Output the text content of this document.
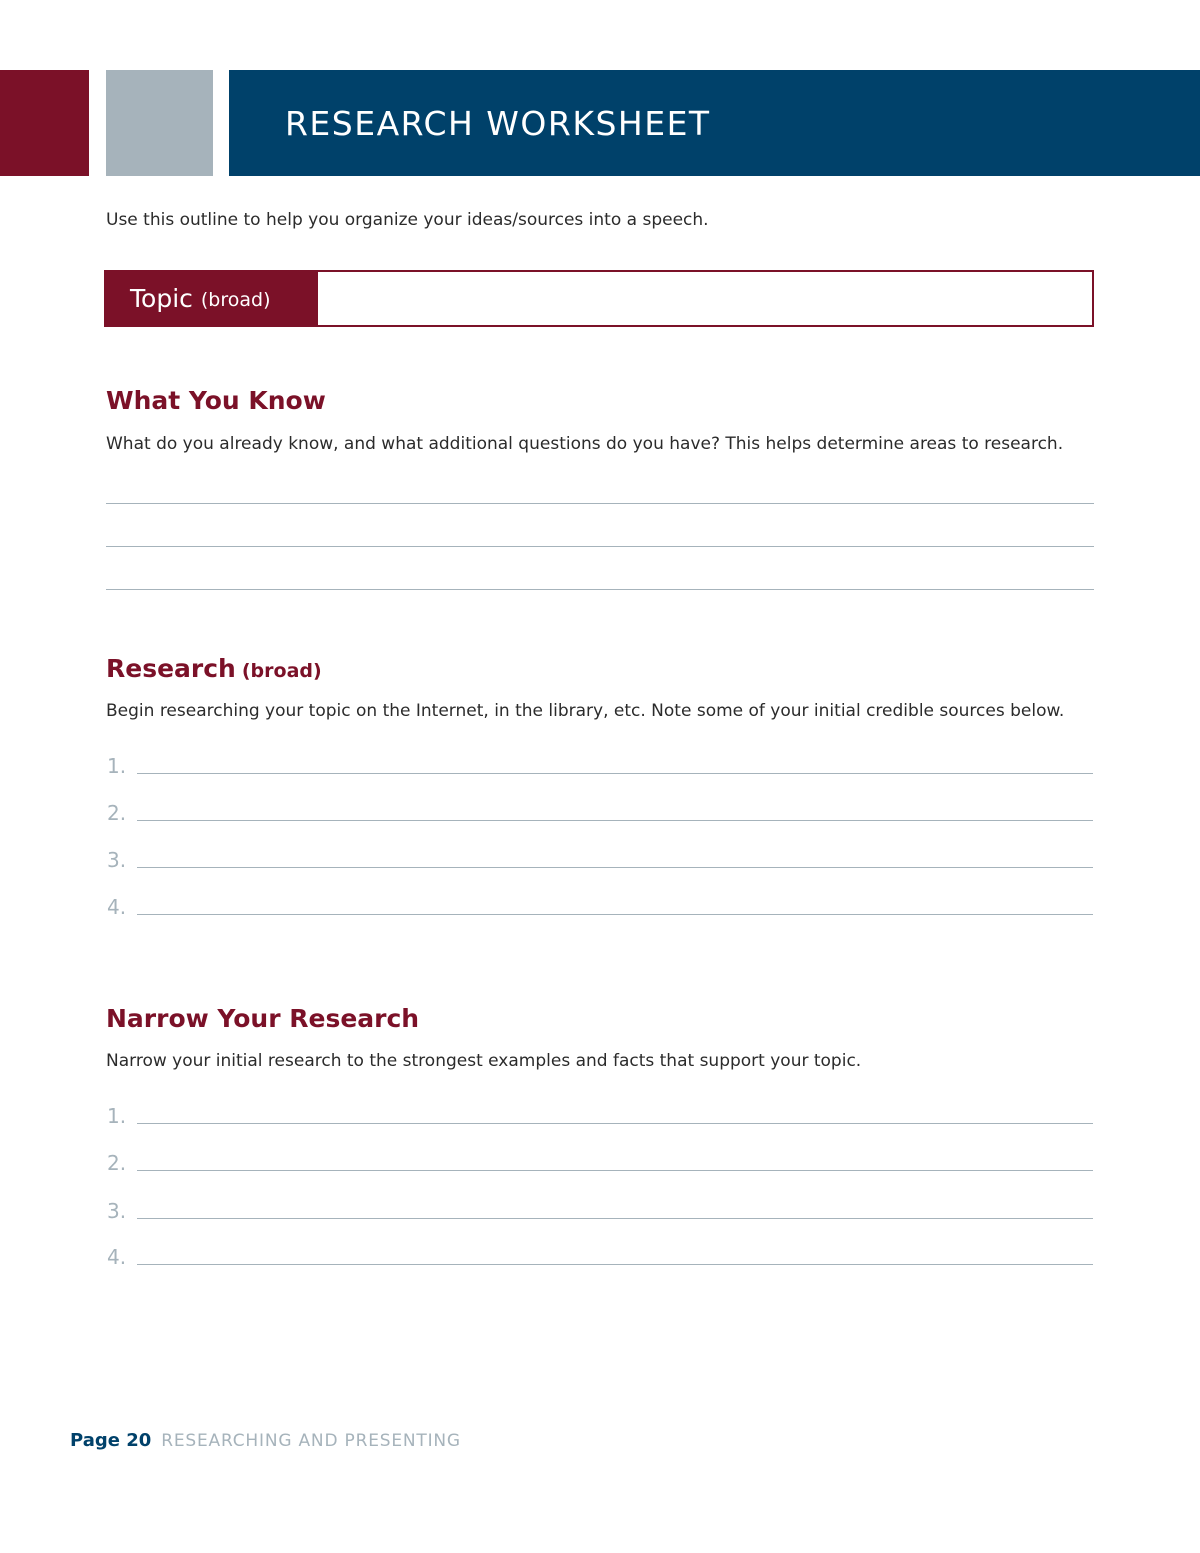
RESEARCH WORKSHEET
Use this outline to help you organize your ideas/sources into a speech.
Topic (broad)
What You Know
What do you already know, and what additional questions do you have? This helps determine areas to research.
Research (broad)
Begin researching your topic on the Internet, in the library, etc. Note some of your initial credible sources below.
1.
2.
3.
4.
Narrow Your Research
Narrow your initial research to the strongest examples and facts that support your topic.
1.
2.
3.
4.
Page 20 RESEARCHING AND PRESENTING
